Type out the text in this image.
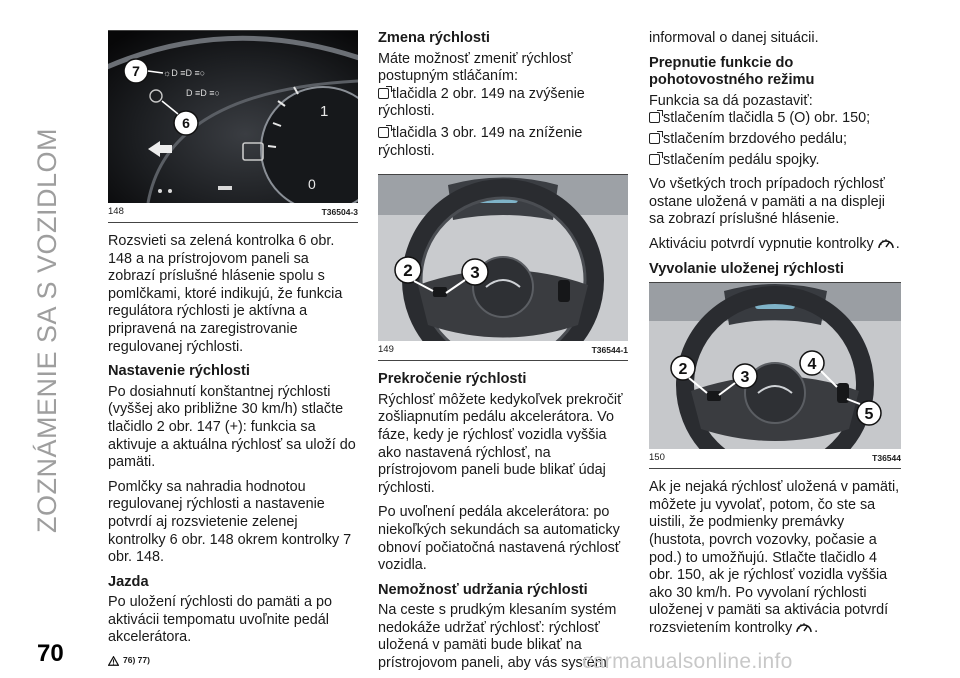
ZOZNÁMENIE SA S VOZIDLOM
1
0
☼D ≡D ≡○
D ≡D ≡○
7
6
148	T36504-3

Rozsvieti sa zelená kontrolka 6 obr. 148 a na prístrojovom paneli sa zobrazí príslušné hlásenie spolu s pomlčkami, ktoré indikujú, že funkcia regulátora rýchlosti je aktívna a pripravená na zaregistrovanie regulovanej rýchlosti.

Nastavenie rýchlosti

Po dosiahnutí konštantnej rýchlosti (vyššej ako približne 30 km/h) stlačte tlačidlo 2 obr. 147 (+): funkcia sa aktivuje a aktuálna rýchlosť sa uloží do pamäti.

Pomlčky sa nahradia hodnotou regulovanej rýchlosti a nastavenie potvrdí aj rozsvietenie zelenej kontrolky 6 obr. 148 okrem kontrolky 7 obr. 148.

Jazda

Po uložení rýchlosti do pamäti a po aktivácii tempomatu uvoľnite pedál akcelerátora.

76) 77)
Zmena rýchlosti

Máte možnosť zmeniť rýchlosť postupným stláčaním:

tlačidla 2 obr. 149 na zvýšenie rýchlosti.

tlačidla 3 obr. 149 na zníženie rýchlosti.

2	3
149	T36544-1
Prekročenie rýchlosti

Rýchlosť môžete kedykoľvek prekročiť zošliapnutím pedálu akcelerátora. Vo fáze, kedy je rýchlosť vozidla vyššia ako nastavená rýchlosť, na prístrojovom paneli bude blikať údaj rýchlosti.

Po uvoľnení pedála akcelerátora: po niekoľkých sekundách sa automaticky obnoví počiatočná nastavená rýchlosť vozidla.

Nemožnosť udržania rýchlosti

Na ceste s prudkým klesaním systém nedokáže udržať rýchlosť: rýchlosť uložená v pamäti bude blikať na prístrojovom paneli, aby vás systém

informoval o danej situácii.

Prepnutie funkcie do pohotovostného režimu

Funkcia sa dá pozastaviť:

stlačením tlačidla 5 (O) obr. 150;

stlačením brzdového pedálu;

stlačením pedálu spojky.

Vo všetkých troch prípadoch rýchlosť ostane uložená v pamäti a na displeji sa zobrazí príslušné hlásenie.

Aktiváciu potvrdí vypnutie kontrolky .

Vyvolanie uloženej rýchlosti
2	3
4
5
150	T36544

Ak je nejaká rýchlosť uložená v pamäti, môžete ju vyvolať, potom, čo ste sa uistili, že podmienky premávky (hustota, povrch vozovky, počasie a pod.) to umožňujú. Stlačte tlačidlo 4 obr. 150, ak je rýchlosť vozidla vyššia ako 30 km/h. Po vyvolaní rýchlosti uloženej v pamäti sa aktivácia potvrdí rozsvietením kontrolky .

70	carmanualsonline.info
